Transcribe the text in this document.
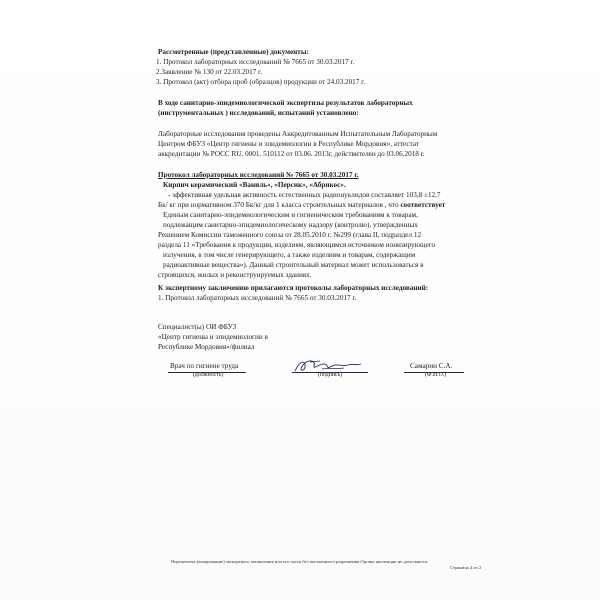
Рассмотренные (представленные) документы:
1. Протокол лабораторных исследований № 7665 от 30.03.2017 г.
2.Заявление № 130 от 22.03.2017 г.
3. Протокол (акт) отбора проб (образцов) продукции от 24.03.2017 г.
В ходе санитарно-эпидемиологической экспертизы результатов лабораторных
(инструментальных ) исследований, испытаний установлено:
Лабораторные исследования проведены Аккредитованным Испытательным Лабораторным
Центром ФБУЗ «Центр гигиены и эпидемиологии в Республике Мордовия», аттестат
аккредитации № РОСС RU. 0001. 510112 от 03.06. 2013г, действителен до 03.06.2018 г.
Протокол лабораторных исследований № 7665 от 30.03.2017 г.
Кирпич керамический «Ваниль», «Персик», «Абрикос».
- эффективная удельная активность естественных радионуклидов составляет 103,8 ±12,7
Бк/ кг при нормативном 370 Бк/кг для 1 класса строительных материалов , что соответствует
Единым санитарно-эпидемиологическим и гигиеническим требованиям к товарам,
подлежащим санитарно-эпидемиологическому надзору (контролю), утвержденных
Решением Комиссии таможенного союза от 28.05.2010 г. №299 (глава II, подраздел 12
раздела 11 «Требования к продукции, изделиям, являющимся источником ионизирующего
излучения, в том числе генерирующего, а также изделиям и товарам, содержащим
радиоактивные вещества»). Данный строительный материал может использоваться в
строящихся, жилых и реконструируемых зданиях.
К экспертному заключению прилагаются протоколы лабораторных исследований:
1. Протокол лабораторных исследований № 7665 от 30.03.2017 г.
Специалист(ы) ОИ ФБУЗ
«Центр гигиены и эпидемиологии в
Республике Мордовия»/филиал
Врач по гигиене труда
(должность)	(подпись)
Самарин С.А.
(Ф.И.О.)
Перепечатка (копирование) экспертного заключения или его части без письменного разрешения Органа инспекции не допускается
Страница 2 из 2
